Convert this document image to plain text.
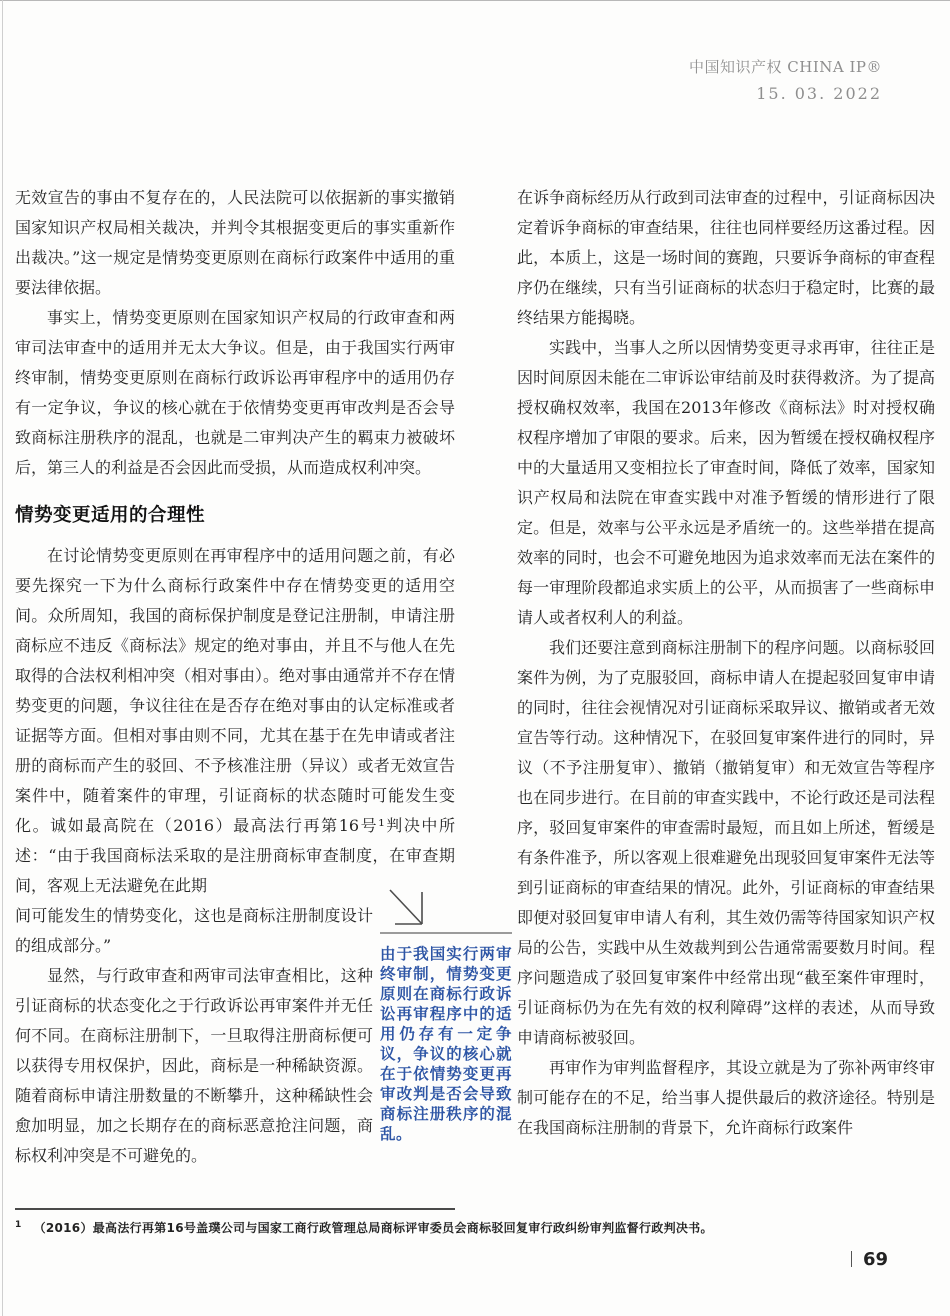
中国知识产权 CHINA IP®
15. 03. 2022

无效宣告的事由不复存在的，人民法院可以依据新的事实撤销国家知识产权局相关裁决，并判令其根据变更后的事实重新作出裁决。”这一规定是情势变更原则在商标行政案件中适用的重要法律依据。

事实上，情势变更原则在国家知识产权局的行政审查和两审司法审查中的适用并无太大争议。但是，由于我国实行两审终审制，情势变更原则在商标行政诉讼再审程序中的适用仍存有一定争议，争议的核心就在于依情势变更再审改判是否会导致商标注册秩序的混乱，也就是二审判决产生的羁束力被破坏后，第三人的利益是否会因此而受损，从而造成权利冲突。

情势变更适用的合理性

在讨论情势变更原则在再审程序中的适用问题之前，有必要先探究一下为什么商标行政案件中存在情势变更的适用空间。众所周知，我国的商标保护制度是登记注册制，申请注册商标应不违反《商标法》规定的绝对事由，并且不与他人在先取得的合法权利相冲突（相对事由）。绝对事由通常并不存在情势变更的问题，争议往往在是否存在绝对事由的认定标准或者证据等方面。但相对事由则不同，尤其在基于在先申请或者注册的商标而产生的驳回、不予核准注册（异议）或者无效宣告案件中，随着案件的审理，引证商标的状态随时可能发生变化。诚如最高院在（2016）最高法行再第16号¹判决中所述：“由于我国商标法采取的是注册商标审查制度，在审查期间，客观上无法避免在此期

间可能发生的情势变化，这也是商标注册制度设计的组成部分。”

显然，与行政审查和两审司法审查相比，这种引证商标的状态变化之于行政诉讼再审案件并无任何不同。在商标注册制下，一旦取得注册商标便可以获得专用权保护，因此，商标是一种稀缺资源。随着商标申请注册数量的不断攀升，这种稀缺性会愈加明显，加之长期存在的商标恶意抢注问题，商标权利冲突是不可避免的。

在诉争商标经历从行政到司法审查的过程中，引证商标因决定着诉争商标的审查结果，往往也同样要经历这番过程。因此，本质上，这是一场时间的赛跑，只要诉争商标的审查程序仍在继续，只有当引证商标的状态归于稳定时，比赛的最终结果方能揭晓。

实践中，当事人之所以因情势变更寻求再审，往往正是因时间原因未能在二审诉讼审结前及时获得救济。为了提高授权确权效率，我国在2013年修改《商标法》时对授权确权程序增加了审限的要求。后来，因为暂缓在授权确权程序中的大量适用又变相拉长了审查时间，降低了效率，国家知识产权局和法院在审查实践中对准予暂缓的情形进行了限定。但是，效率与公平永远是矛盾统一的。这些举措在提高效率的同时，也会不可避免地因为追求效率而无法在案件的每一审理阶段都追求实质上的公平，从而损害了一些商标申请人或者权利人的利益。

我们还要注意到商标注册制下的程序问题。以商标驳回案件为例，为了克服驳回，商标申请人在提起驳回复审申请的同时，往往会视情况对引证商标采取异议、撤销或者无效宣告等行动。这种情况下，在驳回复审案件进行的同时，异议（不予注册复审）、撤销（撤销复审）和无效宣告等程序也在同步进行。在目前的审查实践中，不论行政还是司法程序，驳回复审案件的审查需时最短，而且如上所述，暂缓是有条件准予，所以客观上很难避免出现驳回复审案件无法等到引证商标的审查结果的情况。此外，引证商标的审查结果即便对驳回复审申请人有利，其生效仍需等待国家知识产权局的公告，实践中从生效裁判到公告通常需要数月时间。程序问题造成了驳回复审案件中经常出现“截至案件审理时，引证商标仍为在先有效的权利障碍”这样的表述，从而导致申请商标被驳回。

再审作为审判监督程序，其设立就是为了弥补两审终审制可能存在的不足，给当事人提供最后的救济途径。特别是在我国商标注册制的背景下，允许商标行政案件

由于我国实行两审终审制，情势变更原则在商标行政诉讼再审程序中的适用仍存有一定争议，争议的核心就在于依情势变更再审改判是否会导致商标注册秩序的混乱。
$^1$ （2016）最高法行再第16号盖璞公司与国家工商行政管理总局商标评审委员会商标驳回复审行政纠纷审判监督行政判决书。
69
